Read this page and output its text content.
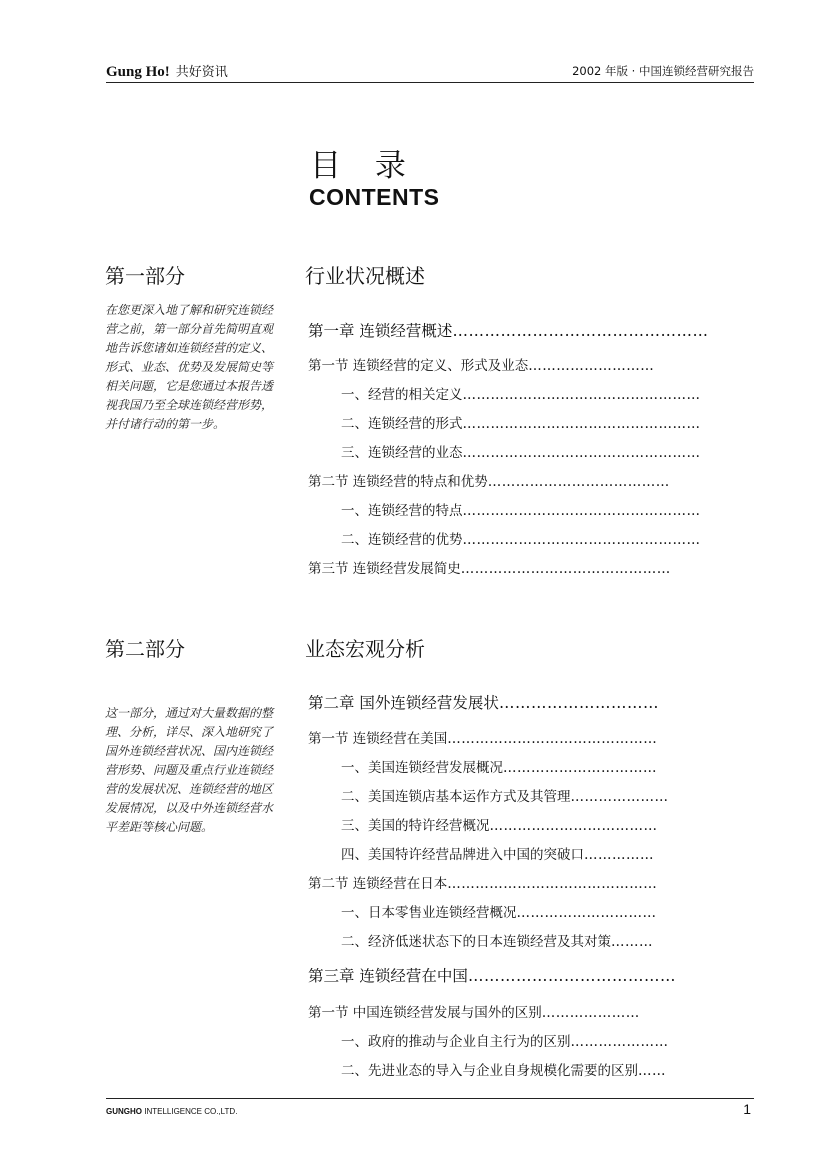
Gung Ho! 共好资讯	2002 年版 · 中国连锁经营研究报告
目 录
CONTENTS
第一部分	行业状况概述
在您更深入地了解和研究连锁经营之前，第一部分首先简明直观地告诉您诸如连锁经营的定义、形式、业态、优势及发展简史等相关问题，它是您通过本报告透视我国乃至全球连锁经营形势，并付诸行动的第一步。
第二部分	业态宏观分析
这一部分，通过对大量数据的整理、分析，详尽、深入地研究了国外连锁经营状况、国内连锁经营形势、问题及重点行业连锁经营的发展状况、连锁经营的地区发展情况，以及中外连锁经营水平差距等核心问题。
第一章 连锁经营概述…………………………………………
第一节 连锁经营的定义、形式及业态………………………
一、经营的相关定义……………………………………………
二、连锁经营的形式……………………………………………
三、连锁经营的业态……………………………………………
第二节 连锁经营的特点和优势…………………………………
一、连锁经营的特点……………………………………………
二、连锁经营的优势……………………………………………
第三节 连锁经营发展简史………………………………………
第二章 国外连锁经营发展状…………………………
第一节 连锁经营在美国………………………………………
一、美国连锁经营发展概况……………………………
二、美国连锁店基本运作方式及其管理…………………
三、美国的特许经营概况………………………………
四、美国特许经营品牌进入中国的突破口……………
第二节 连锁经营在日本………………………………………
一、日本零售业连锁经营概况…………………………
二、经济低迷状态下的日本连锁经营及其对策………
第三章 连锁经营在中国…………………………………
第一节 中国连锁经营发展与国外的区别…………………
一、政府的推动与企业自主行为的区别…………………
二、先进业态的导入与企业自身规模化需要的区别……
GUNGHO INTELLIGENCE CO.,LTD.	1
